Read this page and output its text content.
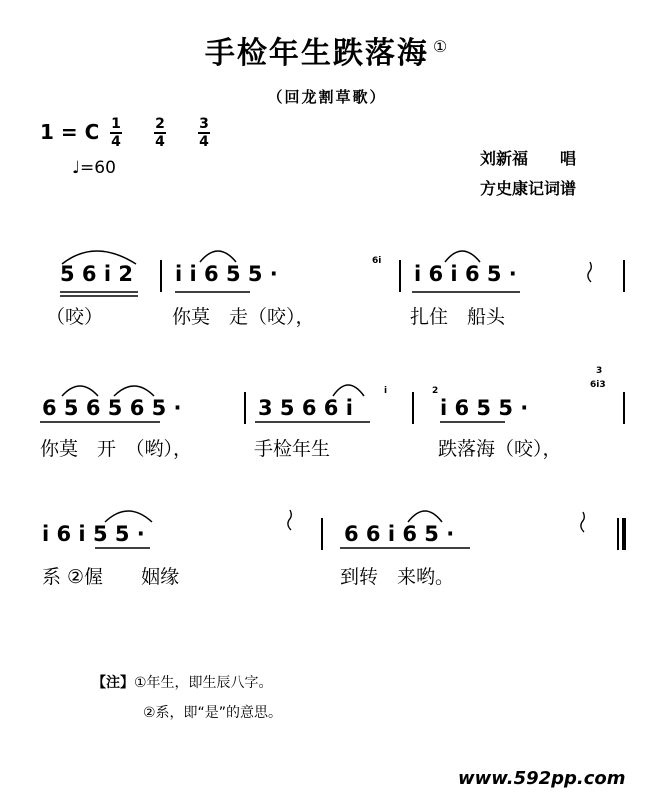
手检年生跌落海 ①
（回龙割草歌）
1 = C 1
4
2
4
3
4
♩=60	刘新福　　唱
方史康记词谱
5 6 i 2 i i 6 5 5 ·	i 6 i 6 5 ·
6i
（咬）	你莫　走（咬），	扎住　船头
6 5 6 5 6 5 ·	3 5 6 6 i	i 6 5 5 ·
i	2
3
6i3
你莫　开　（哟），	手检年生	跌落海（咬），
i 6 i 5 5 ·	6 6 i 6 5 ·
系 ②偓　　姻缘	到转　来哟。
【注】①年生，即生辰八字。
②系，即“是”的意思。
www.592pp.com
